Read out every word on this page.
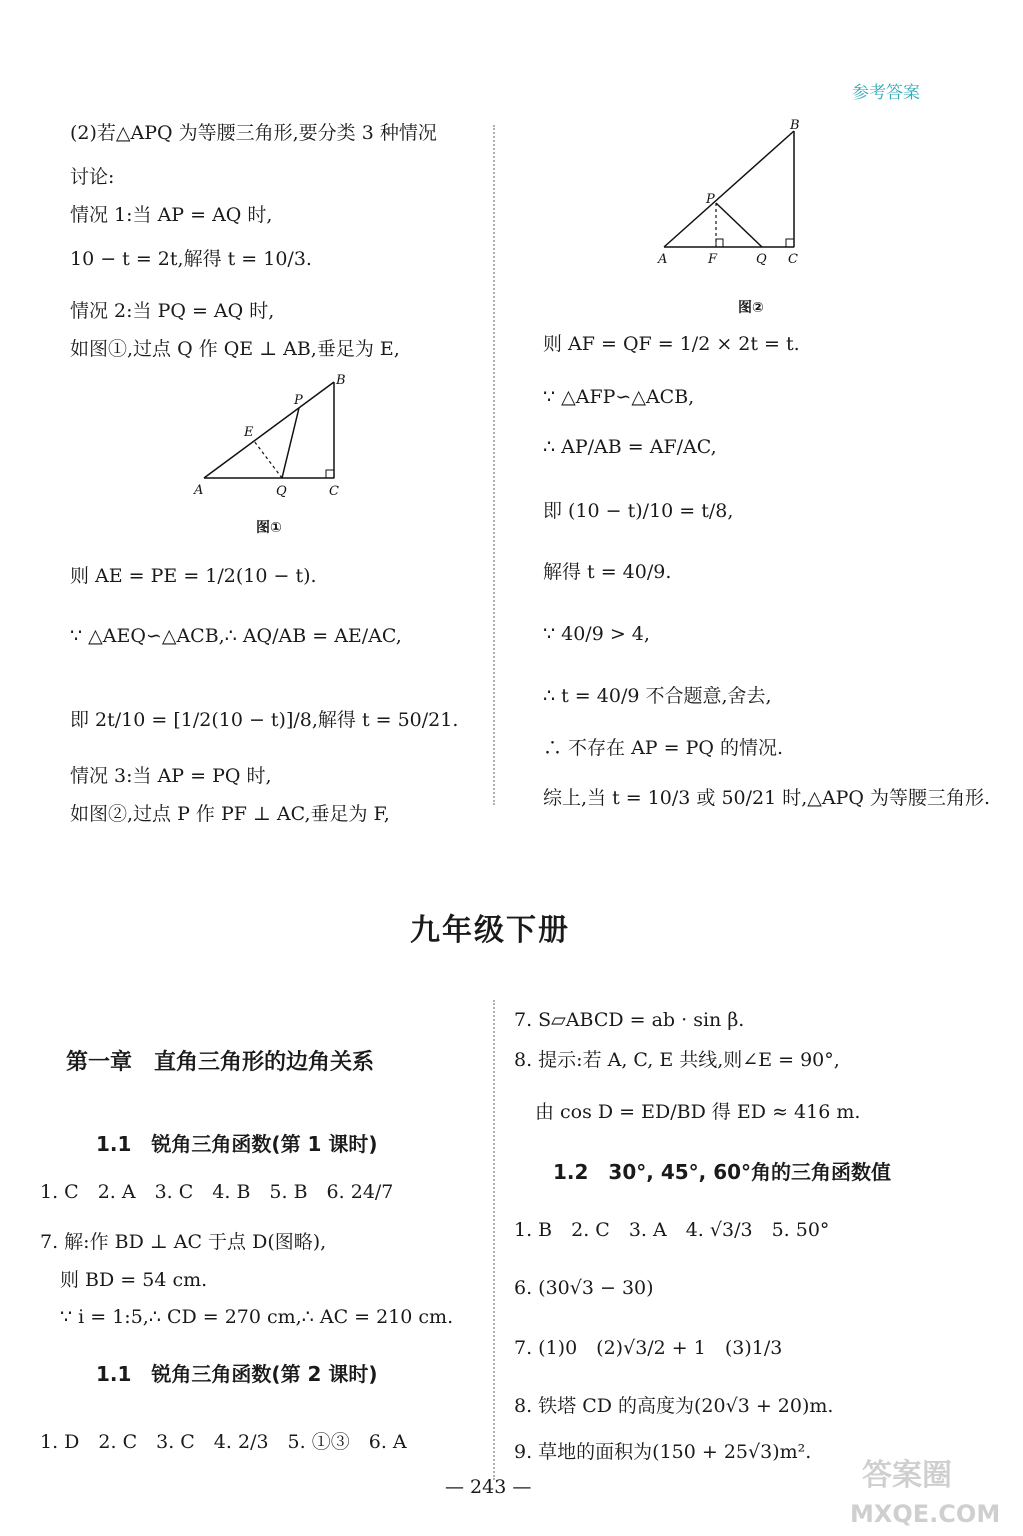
参考答案
(2)若△APQ 为等腰三角形,要分类 3 种情况
讨论:
情况 1:当 AP = AQ 时,
10 − t = 2t,解得 t = 10/3.
情况 2:当 PQ = AQ 时,
如图①,过点 Q 作 QE ⊥ AB,垂足为 E,
A
B
C
E
P
Q
图①
则 AE = PE = 1/2(10 − t).
∵ △AEQ∽△ACB,∴ AQ/AB = AE/AC,
即 2t/10 = [1/2(10 − t)]/8,解得 t = 50/21.
情况 3:当 AP = PQ 时,
如图②,过点 P 作 PF ⊥ AC,垂足为 F,
A
B
C
F
P
Q
图②
则 AF = QF = 1/2 × 2t = t.
∵ △AFP∽△ACB,
∴ AP/AB = AF/AC,
即 (10 − t)/10 = t/8,
解得 t = 40/9.
∵ 40/9 > 4,
∴ t = 40/9 不合题意,舍去,
∴ 不存在 AP = PQ 的情况.
综上,当 t = 10/3 或 50/21 时,△APQ 为等腰三角形.
九年级下册
第一章　直角三角形的边角关系
1.1　锐角三角函数(第 1 课时)
1. C　2. A　3. C　4. B　5. B　6. 24/7
7. 解:作 BD ⊥ AC 于点 D(图略),
则 BD = 54 cm.
∵ i = 1:5,∴ CD = 270 cm,∴ AC = 210 cm.
1.1　锐角三角函数(第 2 课时)
1. D　2. C　3. C　4. 2/3　5. ①③　6. A
7. S▱ABCD = ab · sin β.
8. 提示:若 A, C, E 共线,则∠E = 90°,
由 cos D = ED/BD 得 ED ≈ 416 m.
1.2　30°, 45°, 60°角的三角函数值
1. B　2. C　3. A　4. √3/3　5. 50°
6. (30√3 − 30)
7. (1)0　(2)√3/2 + 1　(3)1/3
8. 铁塔 CD 的高度为(20√3 + 20)m.
9. 草地的面积为(150 + 25√3)m².
— 243 —	答案圈
MXQE.COM
